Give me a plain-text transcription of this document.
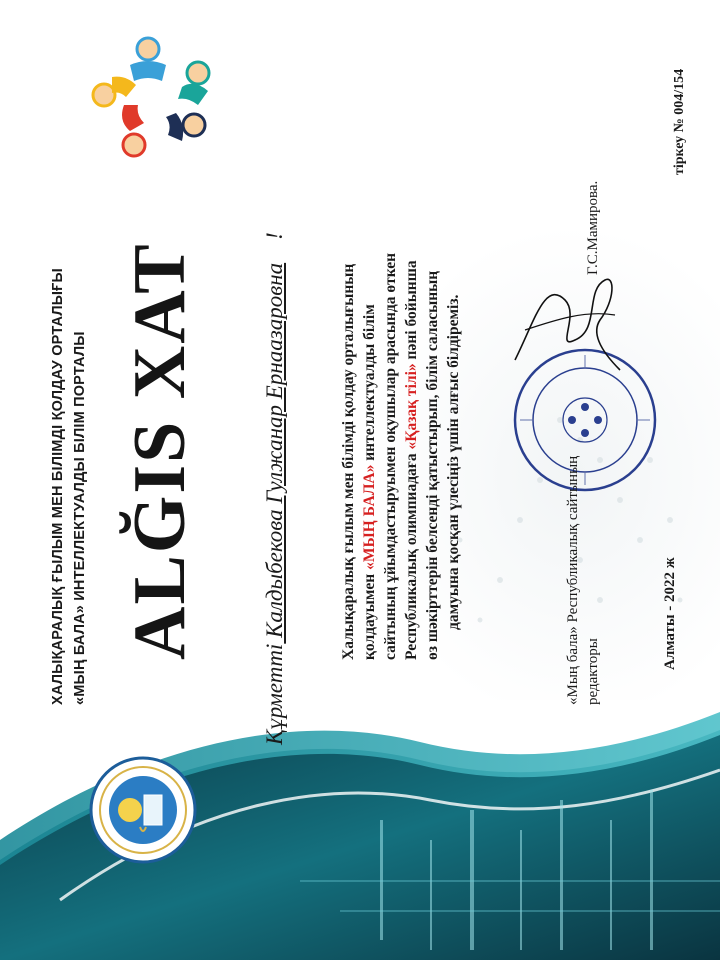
ХАЛЫҚАРАЛЫҚ ҒЫЛЫМ МЕН БІЛІМДІ ҚОЛДАУ ОРТАЛЫҒЫ «МЫҢ БАЛА» ИНТЕЛЛЕКТУАЛДЫ БІЛІМ ПОРТАЛЫ ALĞIS XAT
Құрметті Калдыбекова Гулжанар Ернаазаровна    !
Халықаралық ғылым мен білімді қолдау орталығының қолдауымен «МЫҢ БАЛА» интеллектуалды білім сайтының ұйымдастыруымен оқушылар арасында өткен Республикалық олимпиадаға «Қазақ тілі» пәні бойынша өз шәкірттерін белсенді қатыстырып, білім саласының дамуына қосқан үлесіңіз үшін алғыс білдіреміз.	«Мың бала» Республикалық сайтының редакторы
Г.С.Мамирова.
Алматы - 2022 ж
тіркеу № 004/154
